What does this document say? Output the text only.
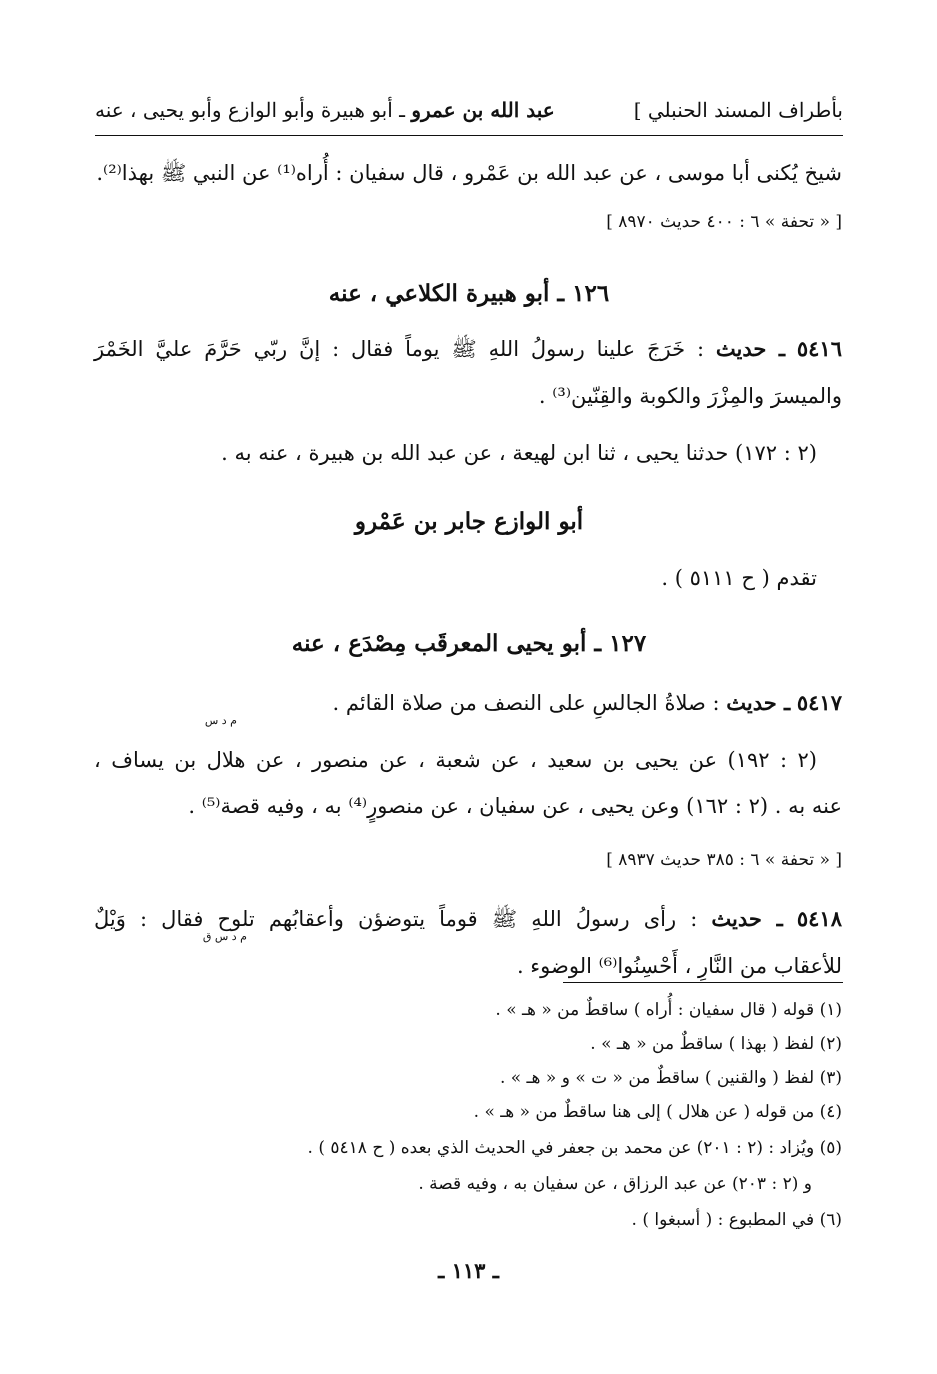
بأطراف المسند الحنبلي ]
عبد الله بن عمرو ـ أبو هبيرة وأبو الوازع وأبو يحيى ، عنه
شيخ يُكنى أبا موسى ، عن عبد الله بن عَمْرو ، قال سفيان : أُراه⁽¹⁾ عن النبي ﷺ بهذا⁽²⁾.
[ « تحفة » ٦ : ٤٠٠ حديث ٨٩٧٠ ]
١٢٦ ـ أبو هبيرة الكلاعي ، عنه
٥٤١٦ ـ حديث : خَرَجَ علينا رسولُ اللهِ ﷺ يوماً فقال : إنَّ ربّي حَرَّمَ عليَّ الخَمْرَ
والميسرَ والمِزْرَ والكوبة والقِنّين⁽³⁾ .
(٢ : ١٧٢) حدثنا يحيى ، ثنا ابن لهيعة ، عن عبد الله بن هبيرة ، عنه به .
أبو الوازع جابر بن عَمْرو
تقدم ( ح ٥١١١ ) .
١٢٧ ـ أبو يحيى المعرقَب مِصْدَع ، عنه
٥٤١٧ ـ حديث : صلاةُ الجالسِ على النصف من صلاة القائم .
م د س
(٢ : ١٩٢) عن يحيى بن سعيد ، عن شعبة ، عن منصور ، عن هلال بن يساف ،
عنه به . (٢ : ١٦٢) وعن يحيى ، عن سفيان ، عن منصورٍ⁽⁴⁾ به ، وفيه قصة⁽⁵⁾ .
[ « تحفة » ٦ : ٣٨٥ حديث ٨٩٣٧ ]
٥٤١٨ ـ حديث : رأى رسولُ اللهِ ﷺ قوماً يتوضؤن وأعقابُهم تلوح فقال : وَيْلٌ
م د س ق
للأعقاب من النَّارِ ، أَحْسِنُوا⁽⁶⁾ الوضوء .
(١) قوله ( قال سفيان : أُراه ) ساقطٌ من « هـ » .
(٢) لفظ ( بهذا ) ساقطٌ من « هـ » .
(٣) لفظ ( والقنين ) ساقطٌ من « ت » و « هـ » .
(٤) من قوله ( عن هلال ) إلى هنا ساقطٌ من « هـ » .
(٥) ويُزاد : (٢ : ٢٠١) عن محمد بن جعفر في الحديث الذي بعده ( ح ٥٤١٨ ) .
و (٢ : ٢٠٣) عن عبد الرزاق ، عن سفيان به ، وفيه قصة .
(٦) في المطبوع : ( أسبغوا ) .
ـ ١١٣ ـ
